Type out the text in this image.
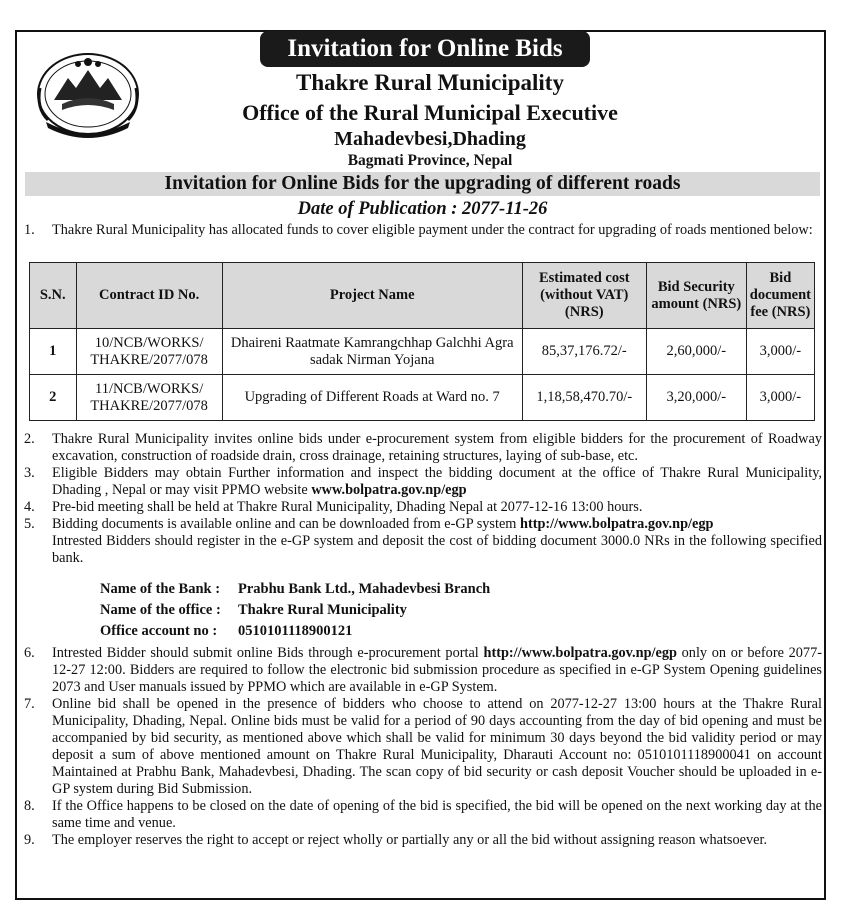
Invitation for Online Bids
Thakre Rural Municipality
Office of the Rural Municipal Executive
Mahadevbesi,Dhading
Bagmati Province, Nepal
Invitation for Online Bids for the upgrading of different roads
Date of Publication : 2077-11-26
1.	Thakre Rural Municipality has allocated funds to cover eligible payment under the contract for upgrading of roads mentioned below:
S.N.	Contract ID No.	Project Name	Estimated cost (without VAT) (NRS)	Bid Security amount (NRS)	Bid document fee (NRS)
1	10/NCB/WORKS/ THAKRE/2077/078	Dhaireni Raatmate Kamrangchhap Galchhi Agra sadak Nirman Yojana	85,37,176.72/-	2,60,000/-	3,000/-
2	11/NCB/WORKS/ THAKRE/2077/078	Upgrading of Different Roads at Ward no. 7	1,18,58,470.70/-	3,20,000/-	3,000/-
2.	Thakre Rural Municipality invites online bids under e-procurement system from eligible bidders for the procurement of Roadway excavation, construction of roadside drain, cross drainage, retaining structures, laying of sub-base, etc.
3.	Eligible Bidders may obtain Further information and inspect the bidding document at the office of Thakre Rural Municipality, Dhading , Nepal or may visit PPMO website www.bolpatra.gov.np/egp
4.	Pre-bid meeting shall be held at Thakre Rural Municipality, Dhading Nepal at 2077-12-16 13:00 hours.
5.	Bidding documents is available online and can be downloaded from e-GP system http://www.bolpatra.gov.np/egp
Intrested Bidders should register in the e-GP system and deposit the cost of bidding document 3000.0 NRs in the following specified bank.
Name of the Bank : Prabhu Bank Ltd., Mahadevbesi Branch
Name of the office : Thakre Rural Municipality
Office account no : 0510101118900121
6.	Intrested Bidder should submit online Bids through e-procurement portal http://www.bolpatra.gov.np/egp only on or before 2077-12-27 12:00. Bidders are required to follow the electronic bid submission procedure as specified in e-GP System Opening guidelines 2073 and User manuals issued by PPMO which are available in e-GP System.
7.	Online bid shall be opened in the presence of bidders who choose to attend on 2077-12-27 13:00 hours at the Thakre Rural Municipality, Dhading, Nepal. Online bids must be valid for a period of 90 days accounting from the day of bid opening and must be accompanied by bid security, as mentioned above which shall be valid for minimum 30 days beyond the bid validity period or may deposit a sum of above mentioned amount on Thakre Rural Municipality, Dharauti Account no: 0510101118900041 on account Maintained at Prabhu Bank, Mahadevbesi, Dhading. The scan copy of bid security or cash deposit Voucher should be uploaded in e-GP system during Bid Submission.
8.	If the Office happens to be closed on the date of opening of the bid is specified, the bid will be opened on the next working day at the same time and venue.
9.	The employer reserves the right to accept or reject wholly or partially any or all the bid without assigning reason whatsoever.
